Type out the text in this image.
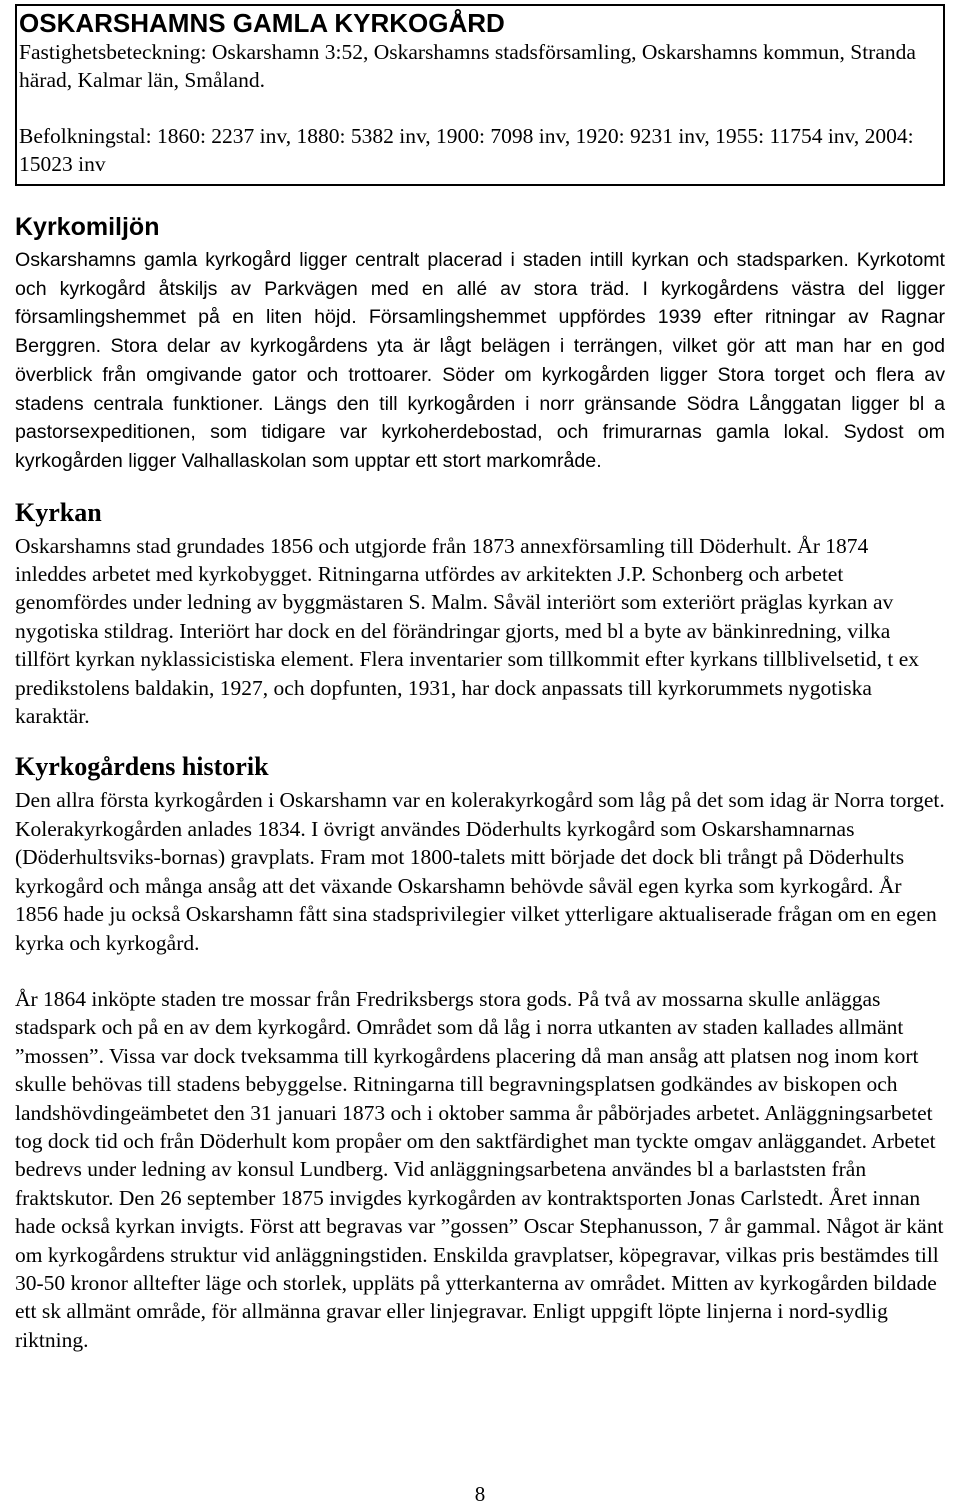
OSKARSHAMNS GAMLA KYRKOGÅRD

Fastighetsbeteckning: Oskarshamn 3:52, Oskarshamns stadsförsamling, Oskarshamns kommun, Stranda härad, Kalmar län, Småland.

Befolkningstal: 1860: 2237 inv, 1880: 5382 inv, 1900: 7098 inv, 1920: 9231 inv, 1955: 11754 inv, 2004: 15023 inv

Kyrkomiljön

Oskarshamns gamla kyrkogård ligger centralt placerad i staden intill kyrkan och stadsparken. Kyrkotomt och kyrkogård åtskiljs av Parkvägen med en allé av stora träd. I kyrkogårdens västra del ligger församlingshemmet på en liten höjd. Församlingshemmet uppfördes 1939 efter ritningar av Ragnar Berggren. Stora delar av kyrkogårdens yta är lågt belägen i terrängen, vilket gör att man har en god överblick från omgivande gator och trottoarer. Söder om kyrkogården ligger Stora torget och flera av stadens centrala funktioner. Längs den till kyrkogården i norr gränsande Södra Långgatan ligger bl a pastorsexpeditionen, som tidigare var kyrkoherdebostad, och frimurarnas gamla lokal. Sydost om kyrkogården ligger Valhallaskolan som upptar ett stort markområde.

Kyrkan

Oskarshamns stad grundades 1856 och utgjorde från 1873 annexförsamling till Döderhult. År 1874 inleddes arbetet med kyrkobygget. Ritningarna utfördes av arkitekten J.P. Schonberg och arbetet genomfördes under ledning av byggmästaren S. Malm. Såväl interiört som exteriört präglas kyrkan av nygotiska stildrag. Interiört har dock en del förändringar gjorts, med bl a byte av bänkinredning, vilka tillfört kyrkan nyklassicistiska element. Flera inventarier som tillkommit efter kyrkans tillblivelsetid, t ex predikstolens baldakin, 1927, och dopfunten, 1931, har dock anpassats till kyrkorummets nygotiska karaktär.

Kyrkogårdens historik

Den allra första kyrkogården i Oskarshamn var en kolerakyrkogård som låg på det som idag är Norra torget. Kolerakyrkogården anlades 1834. I övrigt användes Döderhults kyrkogård som Oskarshamnarnas (Döderhultsviks-bornas) gravplats. Fram mot 1800-talets mitt började det dock bli trångt på Döderhults kyrkogård och många ansåg att det växande Oskarshamn behövde såväl egen kyrka som kyrkogård. År 1856 hade ju också Oskarshamn fått sina stadsprivilegier vilket ytterligare aktualiserade frågan om en egen kyrka och kyrkogård.

År 1864 inköpte staden tre mossar från Fredriksbergs stora gods. På två av mossarna skulle anläggas stadspark och på en av dem kyrkogård. Området som då låg i norra utkanten av staden kallades allmänt ”mossen”. Vissa var dock tveksamma till kyrkogårdens placering då man ansåg att platsen nog inom kort skulle behövas till stadens bebyggelse. Ritningarna till begravningsplatsen godkändes av biskopen och landshövdingeämbetet den 31 januari 1873 och i oktober samma år påbörjades arbetet. Anläggningsarbetet tog dock tid och från Döderhult kom propåer om den saktfärdighet man tyckte omgav anläggandet. Arbetet bedrevs under ledning av konsul Lundberg. Vid anläggningsarbetena användes bl a barlaststen från fraktskutor. Den 26 september 1875 invigdes kyrkogården av kontraktsporten Jonas Carlstedt. Året innan hade också kyrkan invigts. Först att begravas var ”gossen” Oscar Stephanusson, 7 år gammal. Något är känt om kyrkogårdens struktur vid anläggningstiden. Enskilda gravplatser, köpegravar, vilkas pris bestämdes till 30-50 kronor alltefter läge och storlek, uppläts på ytterkanterna av området. Mitten av kyrkogården bildade ett sk allmänt område, för allmänna gravar eller linjegravar. Enligt uppgift löpte linjerna i nord-sydlig riktning.

8
